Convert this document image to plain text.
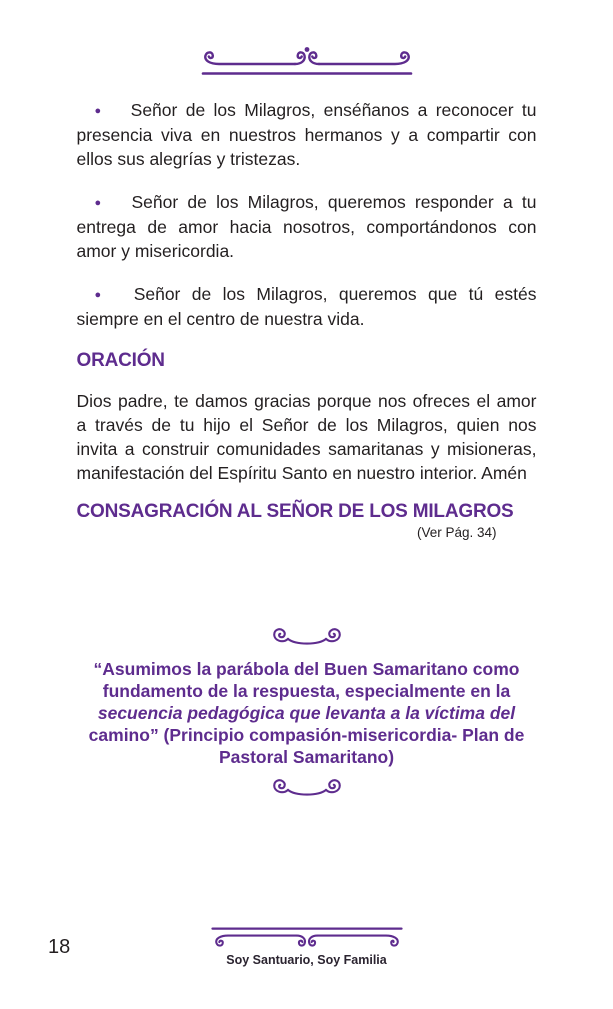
● Señor de los Milagros, enséñanos a reconocer tu presencia viva en nuestros hermanos y a compartir con ellos sus alegrías y tristezas.

● Señor de los Milagros, queremos responder a tu entrega de amor hacia nosotros, comportándonos con amor y misericordia.

● Señor de los Milagros, queremos que tú estés siempre en el centro de nuestra vida.

ORACIÓN

Dios padre, te damos gracias porque nos ofreces el amor a través de tu hijo el Señor de los Milagros, quien nos invita a construir comunidades samaritanas y misioneras, manifestación del Espíritu Santo en nuestro interior. Amén

CONSAGRACIÓN AL SEÑOR DE LOS MILAGROS

(Ver Pág. 34)

“Asumimos la parábola del Buen Samaritano como
fundamento de la respuesta, especialmente en la
secuencia pedagógica que levanta a la víctima del
camino” (Principio compasión-misericordia- Plan de
Pastoral Samaritano)
18
Soy Santuario, Soy Familia
